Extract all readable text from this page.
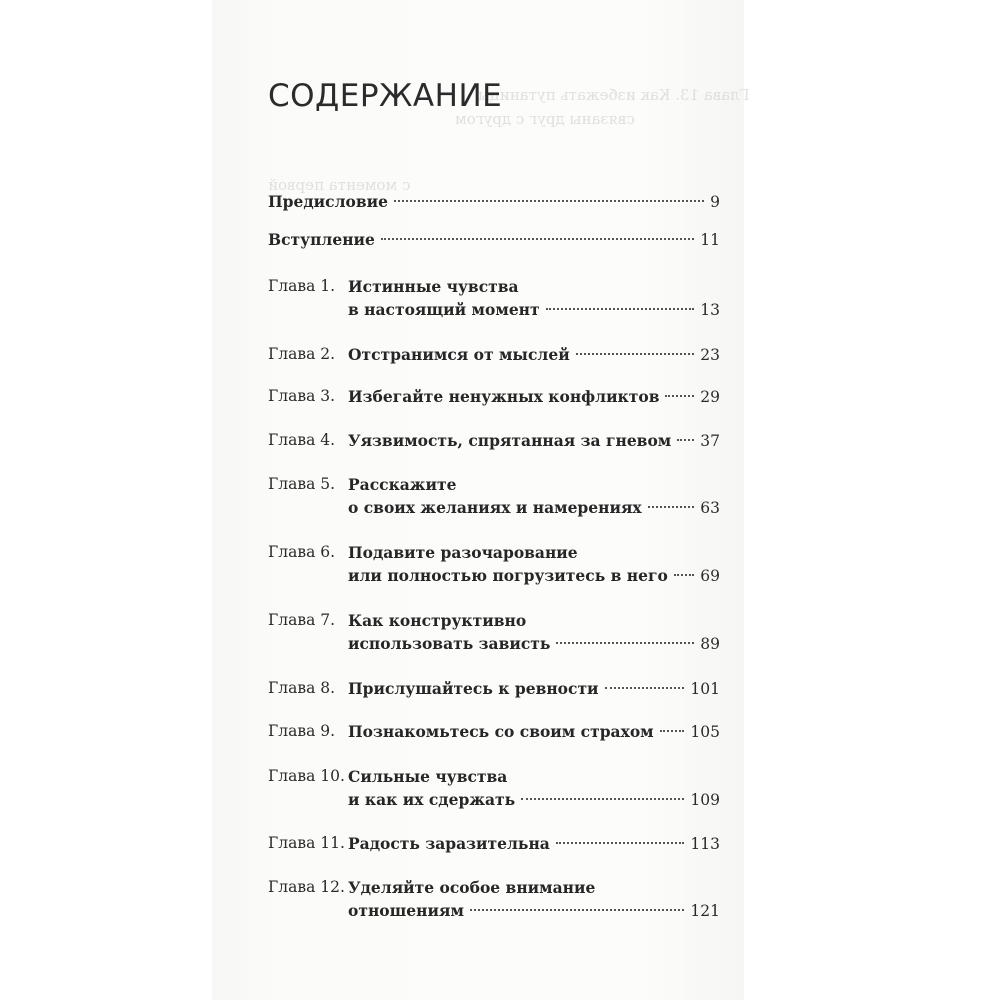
Глава 13. Как избежать путаницы
связаны друг с другом
с момента первой
СОДЕРЖАНИЕ
Предисловие	9
Вступление	11
Глава 1. Истинные чувства
в настоящий момент	13
Глава 2. Отстранимся от мыслей	23
Глава 3. Избегайте ненужных конфликтов	29
Глава 4. Уязвимость, спрятанная за гневом 37
Глава 5. Расскажите
о своих желаниях и намерениях	63
Глава 6. Подавите разочарование
или полностью погрузитесь в него 69
Глава 7. Как конструктивно
использовать зависть	89
Глава 8. Прислушайтесь к ревности	101
Глава 9. Познакомьтесь со своим страхом 105
Глава 10. Сильные чувства
и как их сдержать	109
Глава 11. Радость заразительна	113
Глава 12. Уделяйте особое внимание
отношениям	121
